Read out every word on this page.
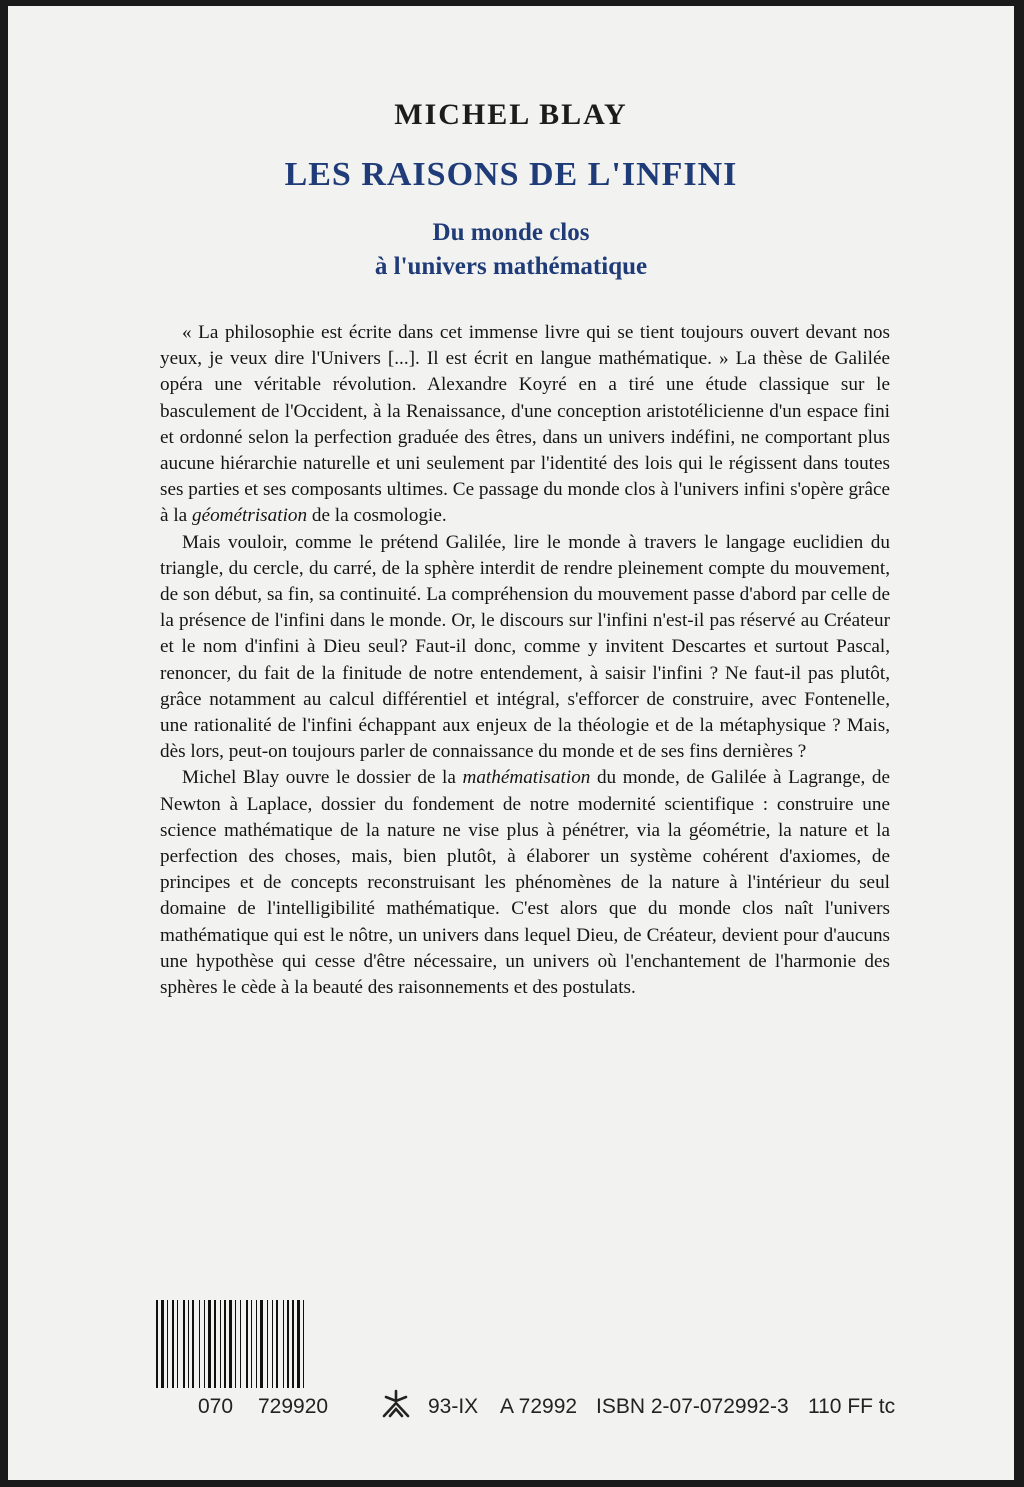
MICHEL BLAY
LES RAISONS DE L'INFINI
Du monde clos
à l'univers mathématique

« La philosophie est écrite dans cet immense livre qui se tient toujours ouvert devant nos yeux, je veux dire l'Univers [...]. Il est écrit en langue mathématique. » La thèse de Galilée opéra une véritable révolution. Alexandre Koyré en a tiré une étude classique sur le basculement de l'Occident, à la Renaissance, d'une conception aristotélicienne d'un espace fini et ordonné selon la perfection graduée des êtres, dans un univers indéfini, ne comportant plus aucune hiérarchie naturelle et uni seulement par l'identité des lois qui le régissent dans toutes ses parties et ses composants ultimes. Ce passage du monde clos à l'univers infini s'opère grâce à la géométrisation de la cosmologie.

Mais vouloir, comme le prétend Galilée, lire le monde à travers le langage euclidien du triangle, du cercle, du carré, de la sphère interdit de rendre pleinement compte du mouvement, de son début, sa fin, sa continuité. La compréhension du mouvement passe d'abord par celle de la présence de l'infini dans le monde. Or, le discours sur l'infini n'est-il pas réservé au Créateur et le nom d'infini à Dieu seul? Faut-il donc, comme y invitent Descartes et surtout Pascal, renoncer, du fait de la finitude de notre entendement, à saisir l'infini ? Ne faut-il pas plutôt, grâce notamment au calcul différentiel et intégral, s'efforcer de construire, avec Fontenelle, une rationalité de l'infini échappant aux enjeux de la théologie et de la métaphysique ? Mais, dès lors, peut-on toujours parler de connaissance du monde et de ses fins dernières ?

Michel Blay ouvre le dossier de la mathématisation du monde, de Galilée à Lagrange, de Newton à Laplace, dossier du fondement de notre modernité scientifique : construire une science mathématique de la nature ne vise plus à pénétrer, via la géométrie, la nature et la perfection des choses, mais, bien plutôt, à élaborer un système cohérent d'axiomes, de principes et de concepts reconstruisant les phénomènes de la nature à l'intérieur du seul domaine de l'intelligibilité mathématique. C'est alors que du monde clos naît l'univers mathématique qui est le nôtre, un univers dans lequel Dieu, de Créateur, devient pour d'aucuns une hypothèse qui cesse d'être nécessaire, un univers où l'enchantement de l'harmonie des sphères le cède à la beauté des raisonnements et des postulats.

070 729920	93-IX A 72992 ISBN 2-07-072992-3 110 FF tc
